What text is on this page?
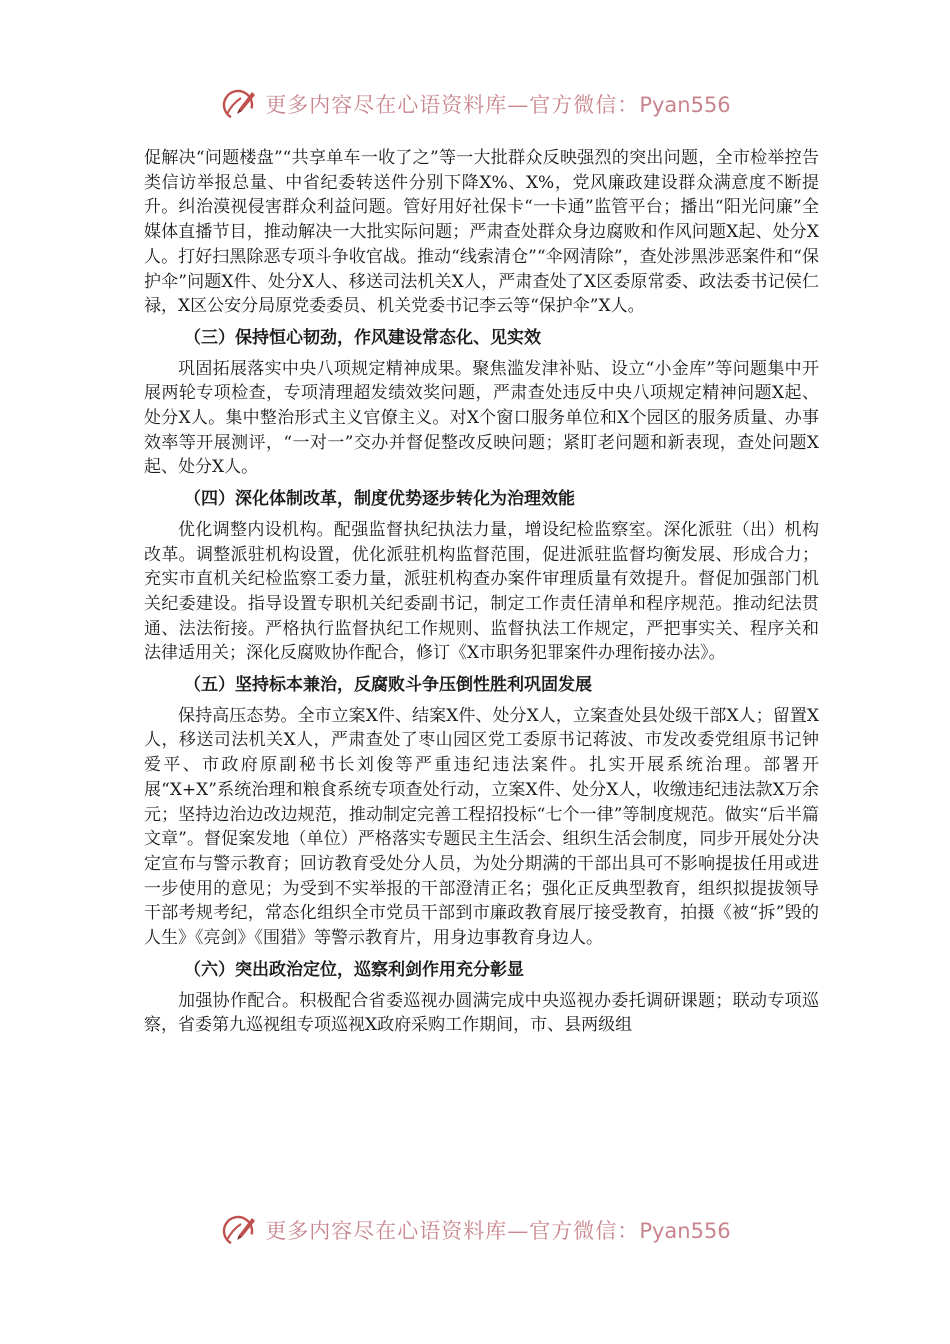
更多内容尽在心语资料库—官方微信：Pyan556

促解决“问题楼盘”“共享单车一收了之”等一大批群众反映强烈的突出问题，全市检举控告类信访举报总量、中省纪委转送件分别下降X%、X%，党风廉政建设群众满意度不断提升。纠治漠视侵害群众利益问题。管好用好社保卡“一卡通”监管平台；播出“阳光问廉”全媒体直播节目，推动解决一大批实际问题；严肃查处群众身边腐败和作风问题X起、处分X人。打好扫黑除恶专项斗争收官战。推动“线索清仓”“伞网清除”，查处涉黑涉恶案件和“保护伞”问题X件、处分X人、移送司法机关X人，严肃查处了X区委原常委、政法委书记侯仁禄，X区公安分局原党委委员、机关党委书记李云等“保护伞”X人。

（三）保持恒心韧劲，作风建设常态化、见实效

巩固拓展落实中央八项规定精神成果。聚焦滥发津补贴、设立“小金库”等问题集中开展两轮专项检查，专项清理超发绩效奖问题，严肃查处违反中央八项规定精神问题X起、处分X人。集中整治形式主义官僚主义。对X个窗口服务单位和X个园区的服务质量、办事效率等开展测评，“一对一”交办并督促整改反映问题；紧盯老问题和新表现，查处问题X起、处分X人。

（四）深化体制改革，制度优势逐步转化为治理效能

优化调整内设机构。配强监督执纪执法力量，增设纪检监察室。深化派驻（出）机构改革。调整派驻机构设置，优化派驻机构监督范围，促进派驻监督均衡发展、形成合力；充实市直机关纪检监察工委力量，派驻机构查办案件审理质量有效提升。督促加强部门机关纪委建设。指导设置专职机关纪委副书记，制定工作责任清单和程序规范。推动纪法贯通、法法衔接。严格执行监督执纪工作规则、监督执法工作规定，严把事实关、程序关和法律适用关；深化反腐败协作配合，修订《X市职务犯罪案件办理衔接办法》。

（五）坚持标本兼治，反腐败斗争压倒性胜利巩固发展

保持高压态势。全市立案X件、结案X件、处分X人，立案查处县处级干部X人；留置X人，移送司法机关X人，严肃查处了枣山园区党工委原书记蒋波、市发改委党组原书记钟爱平、市政府原副秘书长刘俊等严重违纪违法案件。扎实开展系统治理。部署开展“X+X”系统治理和粮食系统专项查处行动，立案X件、处分X人，收缴违纪违法款X万余元；坚持边治边改边规范，推动制定完善工程招投标“七个一律”等制度规范。做实“后半篇文章”。督促案发地（单位）严格落实专题民主生活会、组织生活会制度，同步开展处分决定宣布与警示教育；回访教育受处分人员，为处分期满的干部出具可不影响提拔任用或进一步使用的意见；为受到不实举报的干部澄清正名；强化正反典型教育，组织拟提拔领导干部考规考纪，常态化组织全市党员干部到市廉政教育展厅接受教育，拍摄《被“拆”毁的人生》《亮剑》《围猎》等警示教育片，用身边事教育身边人。

（六）突出政治定位，巡察利剑作用充分彰显

加强协作配合。积极配合省委巡视办圆满完成中央巡视办委托调研课题；联动专项巡察，省委第九巡视组专项巡视X政府采购工作期间，市、县两级组

更多内容尽在心语资料库—官方微信：Pyan556
